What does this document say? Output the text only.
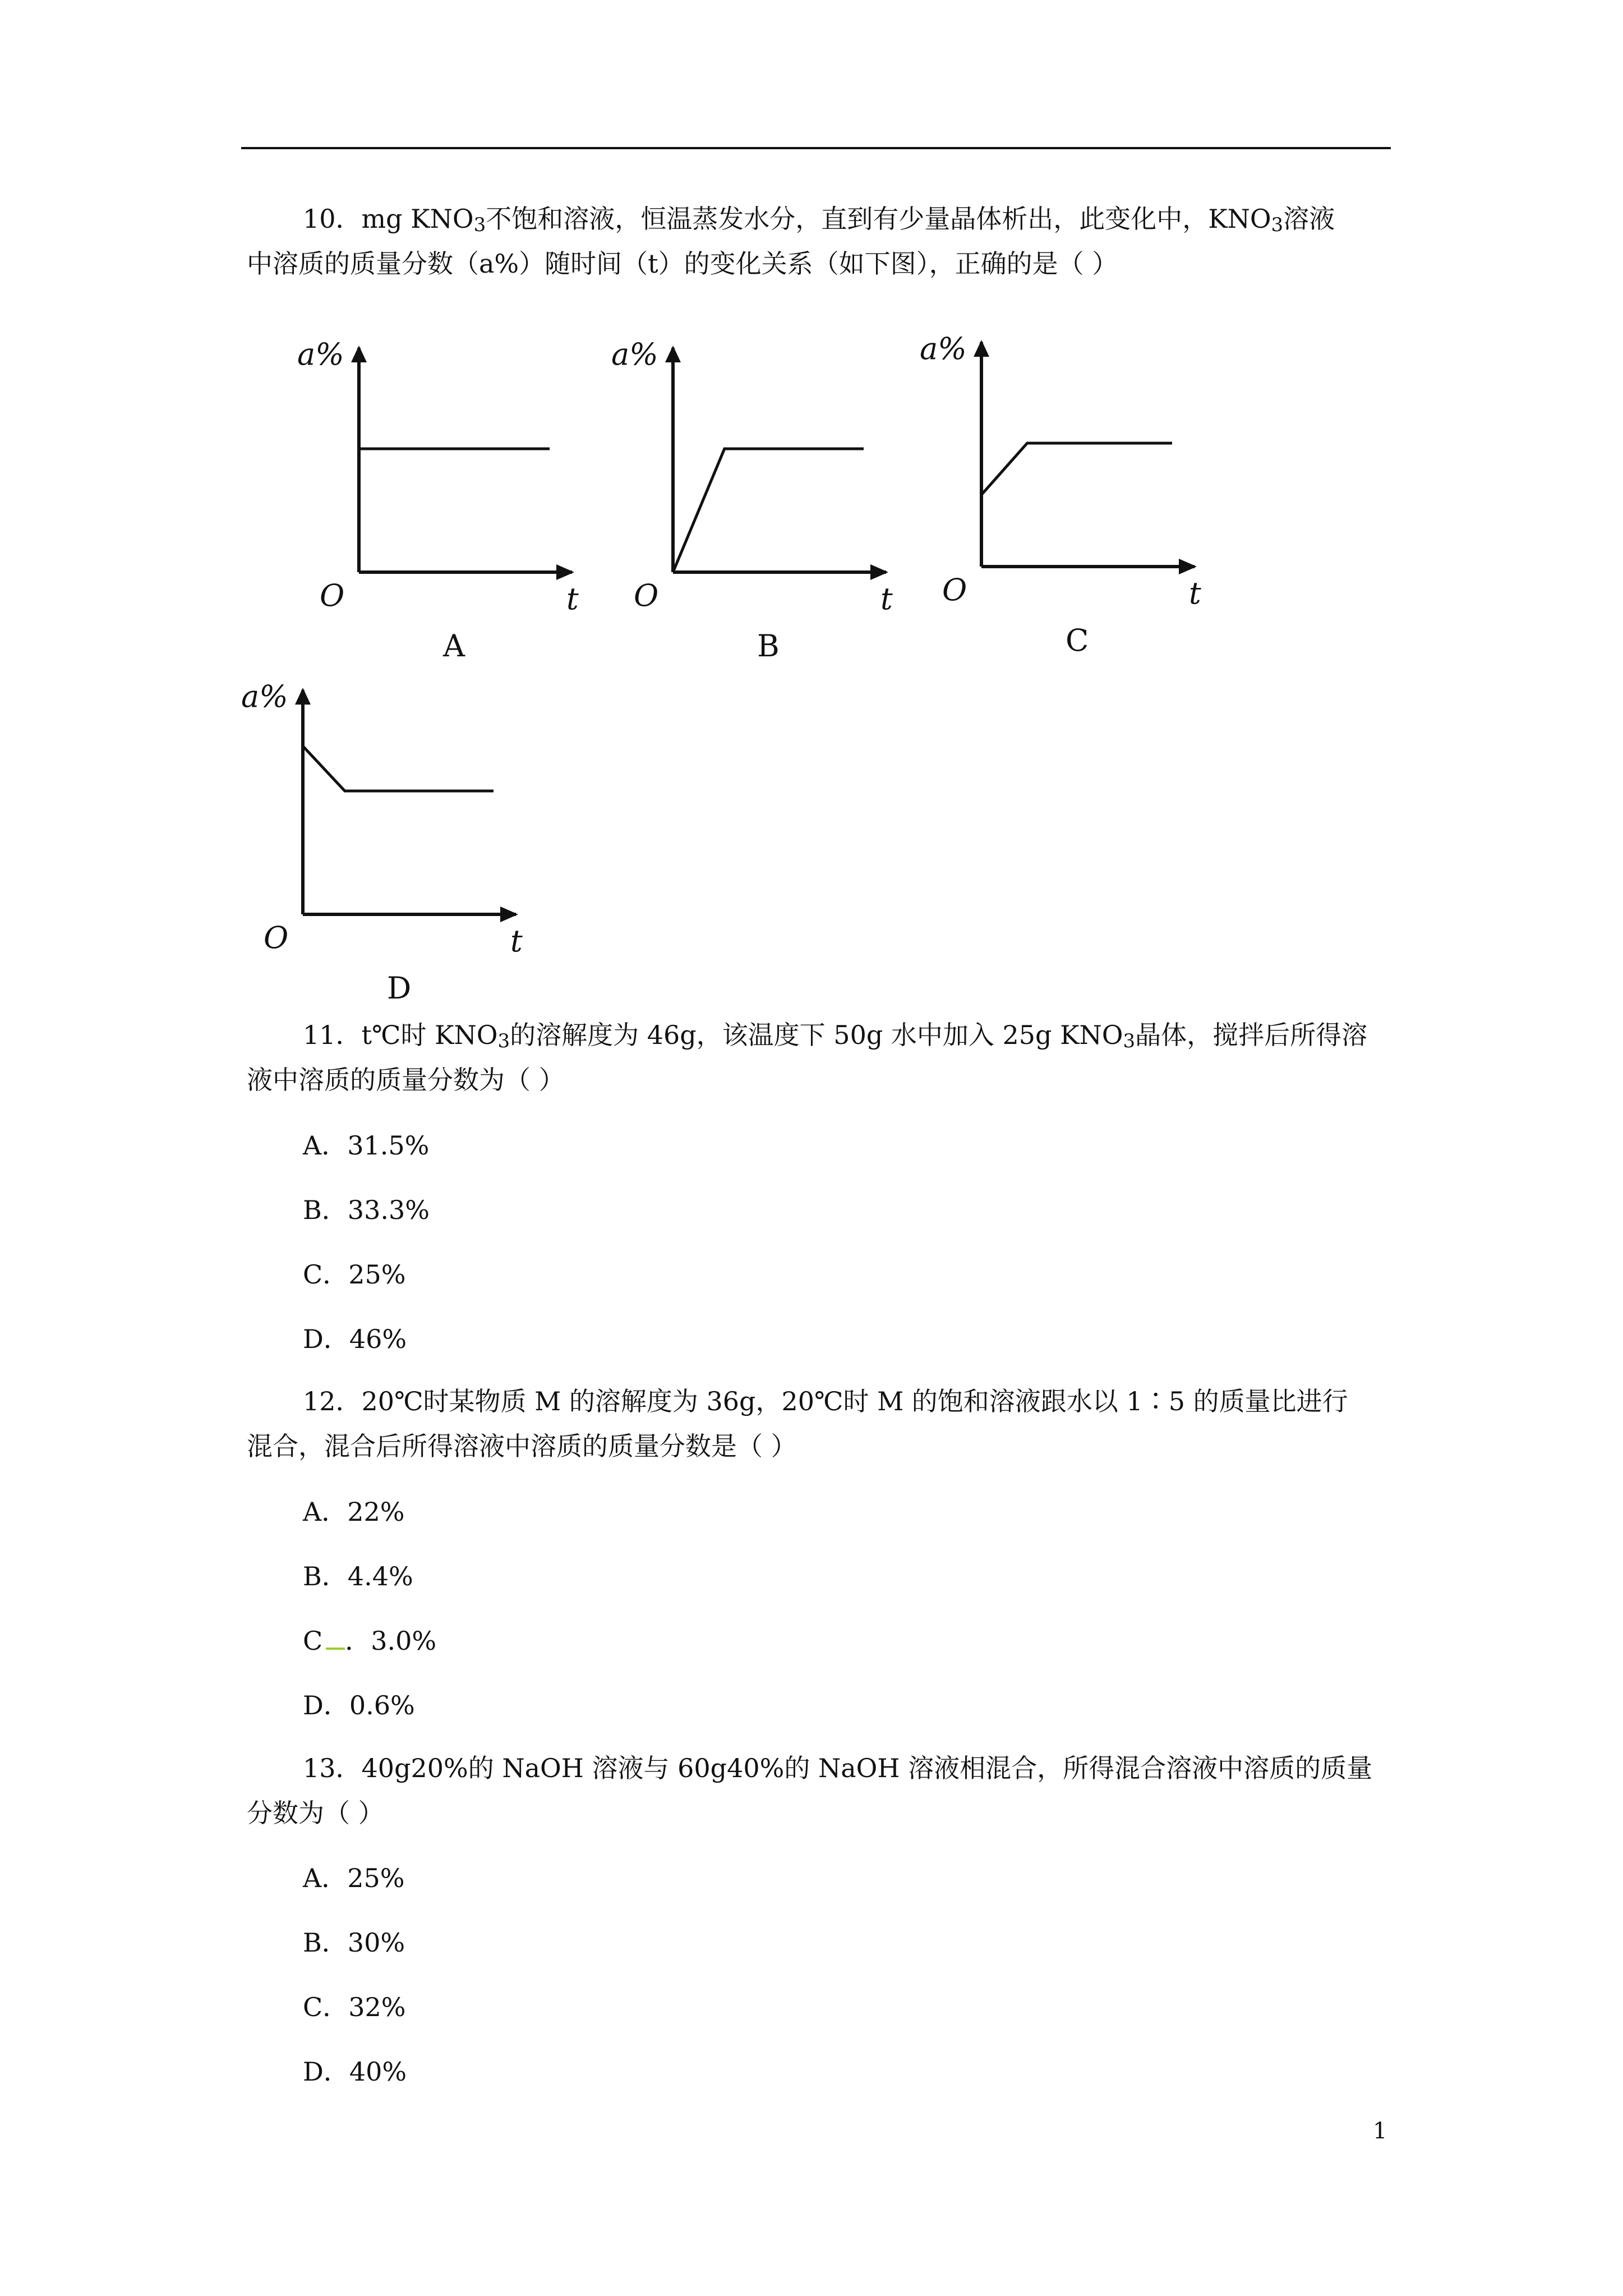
10．mg $KNO_3$不饱和溶液，恒温蒸发水分，直到有少量晶体析出，此变化中，$KNO_3$溶液
中溶质的质量分数（a%）随时间（t）的变化关系（如下图），正确的是（ ）
a%
O	t
A
a%
O	t
B
a%
O	t
C
a%
O	t
D
11．t℃时 $KNO_3$的溶解度为 46g，该温度下 50g 水中加入 25g $KNO_3$晶体，搅拌后所得溶
液中溶质的质量分数为（ ）
A．31.5%
B．33.3%
C．25%
D．46%
12．20℃时某物质 M 的溶解度为 36g，20℃时 M 的饱和溶液跟水以 1∶5 的质量比进行
混合，混合后所得溶液中溶质的质量分数是（ ）
A．22%
B．4.4%
C ．3.0%
D．0.6%
13．40g20%的 NaOH 溶液与 60g40%的 NaOH 溶液相混合，所得混合溶液中溶质的质量
分数为（ ）
A．25%
B．30%
C．32%
D．40%
1
